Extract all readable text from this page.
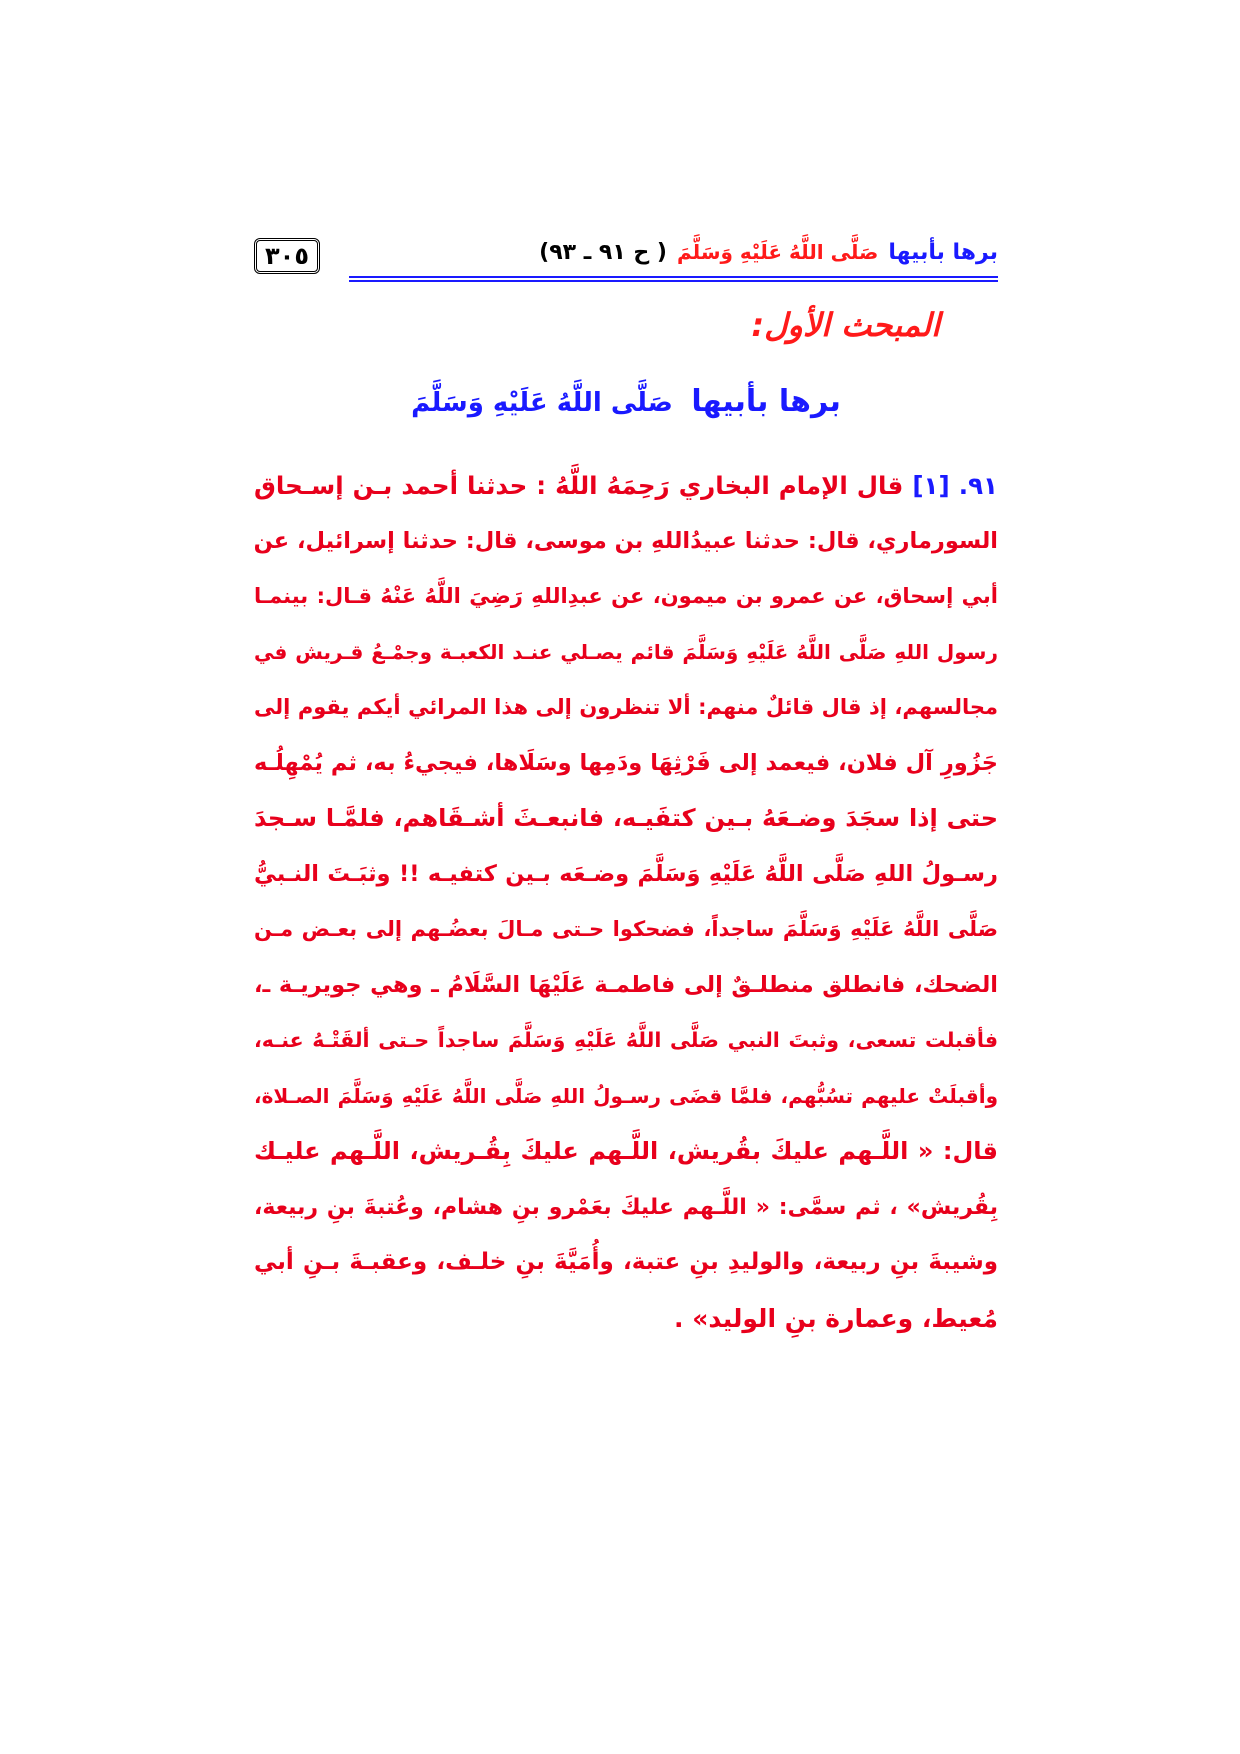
٣٠٥	برها بأبيها
صَلَّى اللَّهُ عَلَيْهِ وَسَلَّمَ
( ح ٩١ ـ ٩٣)
المبحث الأول:
برها بأبيها صَلَّى اللَّهُ عَلَيْهِ وَسَلَّمَ
٩١. [١] قال الإمام البخاري رَحِمَهُ اللَّهُ : حدثنا أحمد بـن إسـحاق
السورماري، قال: حدثنا عبيدُاللهِ بن موسى، قال: حدثنا إسرائيل، عن
أبي إسحاق، عن عمرو بن ميمون، عن عبدِاللهِ رَضِيَ اللَّهُ عَنْهُ قـال: بينمـا
رسول اللهِ صَلَّى اللَّهُ عَلَيْهِ وَسَلَّمَ قائم يصـلي عنـد الكعبـة وجمْـعُ قـريش في
مجالسهم، إذ قال قائلٌ منهم: ألا تنظرون إلى هذا المرائي أيكم يقوم إلى
جَزُورِ آل فلان، فيعمد إلى فَرْثِهَا ودَمِها وسَلَاها، فيجيءُ به، ثم يُمْهِلُـه
حتى إذا سجَدَ وضـعَهُ بـين كتفَيـه، فانبعـثَ أشـقَاهم، فلمَّـا سـجدَ
رسـولُ اللهِ صَلَّى اللَّهُ عَلَيْهِ وَسَلَّمَ وضـعَه بـين كتفيـه !! وثبَـتَ النـبيُّ
صَلَّى اللَّهُ عَلَيْهِ وَسَلَّمَ ساجداً، فضحكوا حـتى مـالَ بعضُـهم إلى بعـض مـن
الضحك، فانطلق منطلـقٌ إلى فاطمـة عَلَيْهَا السَّلَامُ ـ وهي جويريـة ـ،
فأقبلت تسعى، وثبتَ النبي صَلَّى اللَّهُ عَلَيْهِ وَسَلَّمَ ساجداً حـتى ألقَتْـهُ عنـه،
وأقبلَتْ عليهم تسُبُّهم، فلمَّا قضَى رسـولُ اللهِ صَلَّى اللَّهُ عَلَيْهِ وَسَلَّمَ الصـلاة،
قال: « اللَّـهم عليكَ بقُريش، اللَّـهم عليكَ بِقُـريش، اللَّـهم عليـك
بِقُريش» ، ثم سمَّى: « اللَّـهم عليكَ بعَمْرو بنِ هشام، وعُتبةَ بنِ ربيعة،
وشيبةَ بنِ ربيعة، والوليدِ بنِ عتبة، وأُمَيَّةَ بنِ خلـف، وعقبـةَ بـنِ أبي
مُعيط، وعمارة بنِ الوليد» .
